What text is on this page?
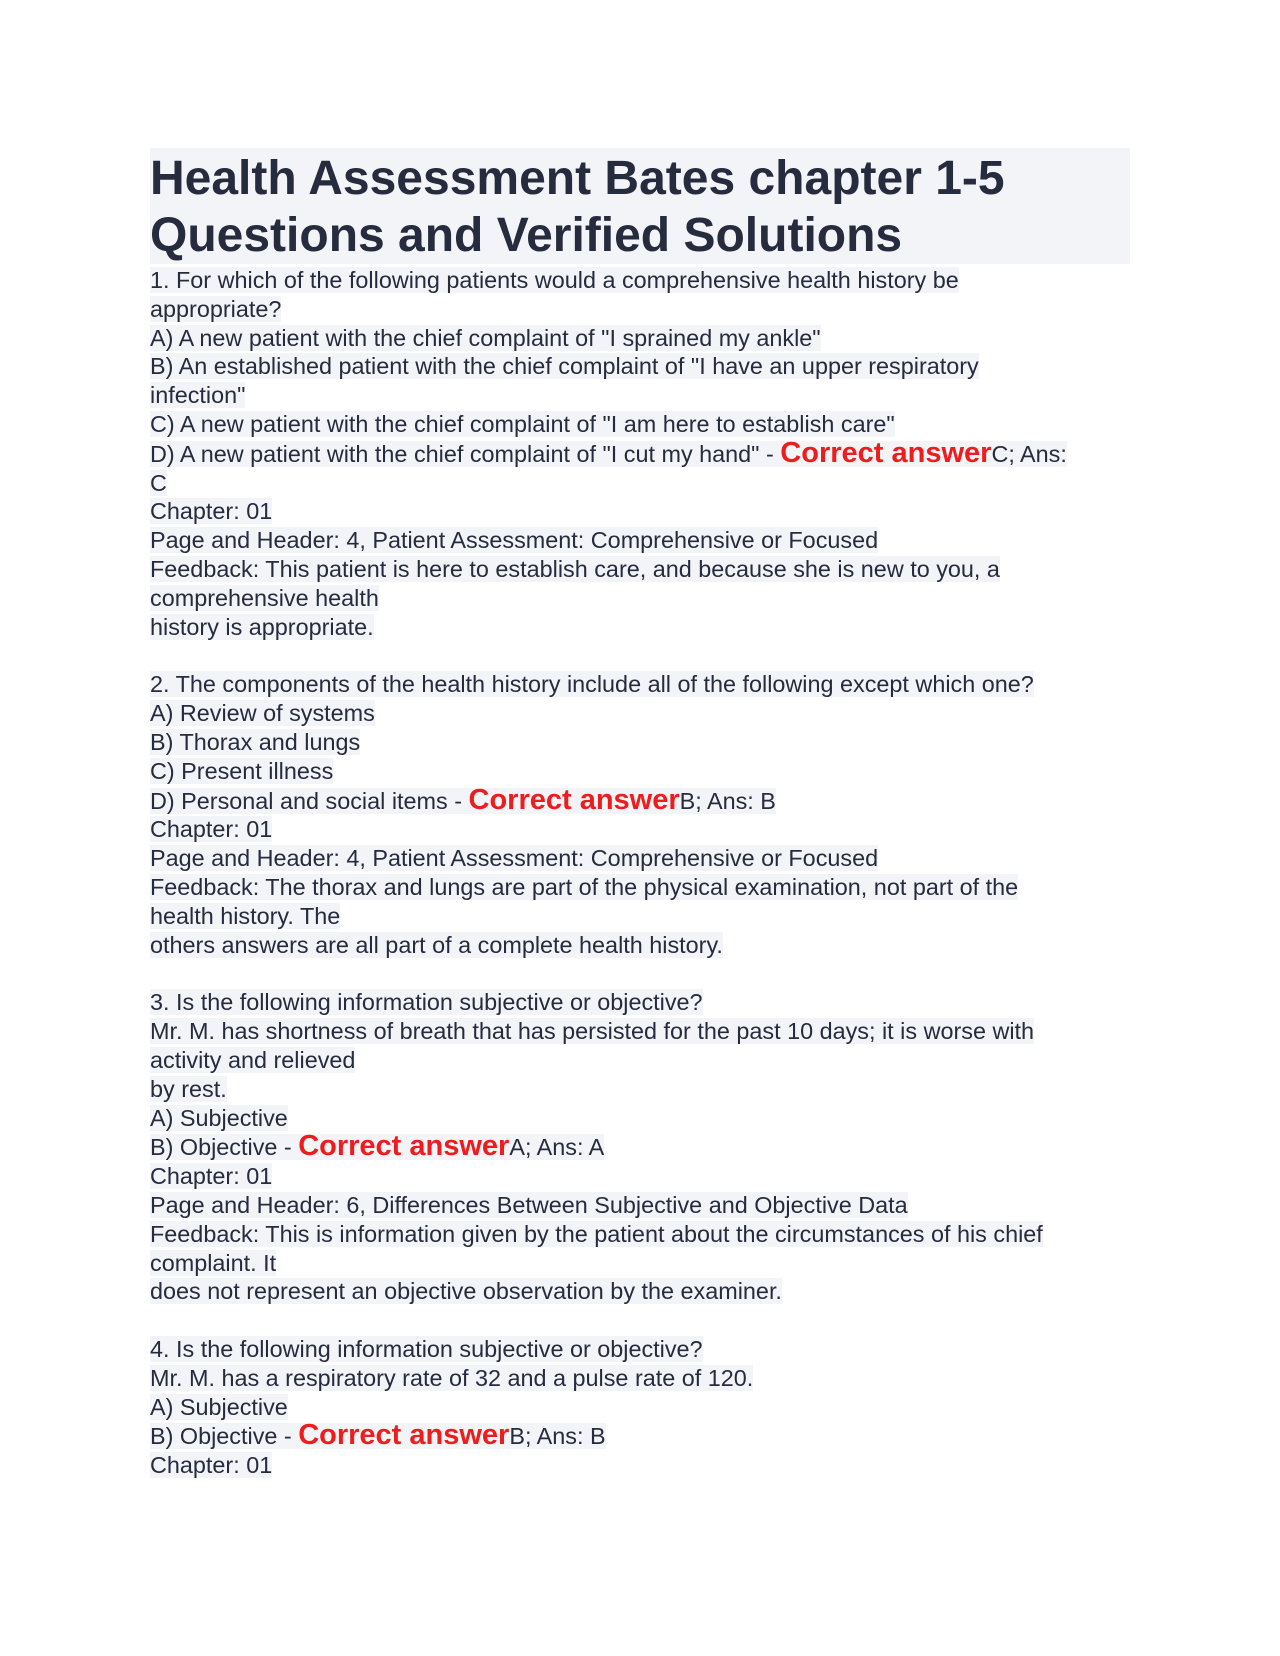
Health Assessment Bates chapter 1-5
Questions and Verified Solutions
1. For which of the following patients would a comprehensive health history be
appropriate?
A) A new patient with the chief complaint of "I sprained my ankle"
B) An established patient with the chief complaint of "I have an upper respiratory
infection"
C) A new patient with the chief complaint of "I am here to establish care"
D) A new patient with the chief complaint of "I cut my hand" - Correct answerC; Ans:
C
Chapter: 01
Page and Header: 4, Patient Assessment: Comprehensive or Focused
Feedback: This patient is here to establish care, and because she is new to you, a
comprehensive health
history is appropriate.
2. The components of the health history include all of the following except which one?
A) Review of systems
B) Thorax and lungs
C) Present illness
D) Personal and social items - Correct answerB; Ans: B
Chapter: 01
Page and Header: 4, Patient Assessment: Comprehensive or Focused
Feedback: The thorax and lungs are part of the physical examination, not part of the
health history. The
others answers are all part of a complete health history.
3. Is the following information subjective or objective?
Mr. M. has shortness of breath that has persisted for the past 10 days; it is worse with
activity and relieved
by rest.
A) Subjective
B) Objective - Correct answerA; Ans: A
Chapter: 01
Page and Header: 6, Differences Between Subjective and Objective Data
Feedback: This is information given by the patient about the circumstances of his chief
complaint. It
does not represent an objective observation by the examiner.
4. Is the following information subjective or objective?
Mr. M. has a respiratory rate of 32 and a pulse rate of 120.
A) Subjective
B) Objective - Correct answerB; Ans: B
Chapter: 01
